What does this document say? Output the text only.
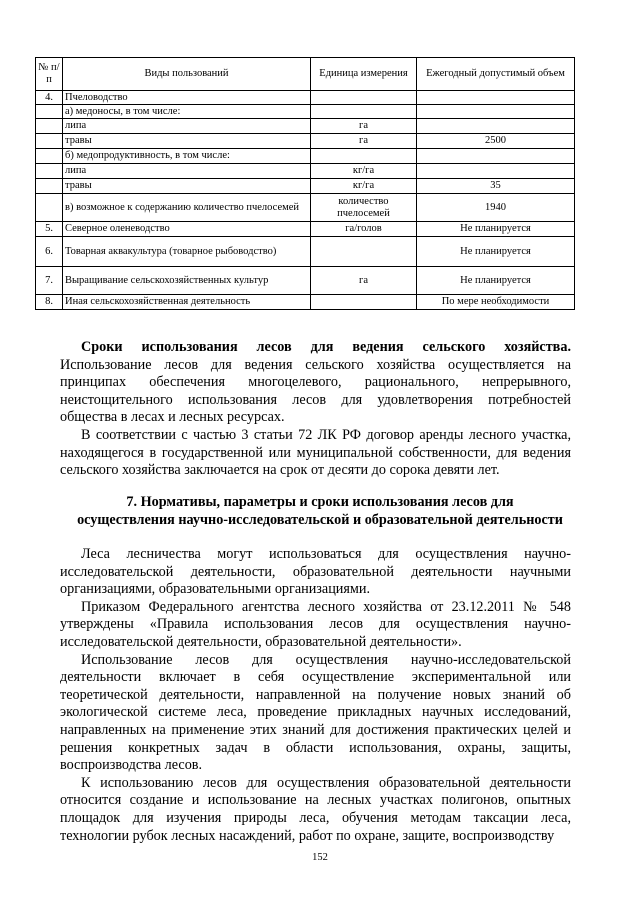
№ п/п	Виды пользований	Единица измерения	Ежегодный допустимый объем
4.	Пчеловодство		
	а) медоносы, в том числе:		
	липа	га	
	травы	га	2500
	б) медопродуктивность, в том числе:		
	липа	кг/га	
	травы	кг/га	35
	в) возможное к содержанию количество пчелосемей	количество пчелосемей	1940
5.	Северное оленеводство	га/голов	Не планируется
6.	Товарная аквакультура (товарное рыбоводство)		Не планируется
7.	Выращивание сельскохозяйственных культур	га	Не планируется
8.	Иная сельскохозяйственная деятельность		По мере необходимости

Сроки использования лесов для ведения сельского хозяйства. Использование лесов для ведения сельского хозяйства осуществляется на принципах обеспечения многоцелевого, рационального, непрерывного, неистощительного использования лесов для удовлетворения потребностей общества в лесах и лесных ресурсах.

В соответствии с частью 3 статьи 72 ЛК РФ договор аренды лесного участка, находящегося в государственной или муниципальной собственности, для ведения сельского хозяйства заключается на срок от десяти до сорока девяти лет.

7. Нормативы, параметры и сроки использования лесов для
осуществления научно-исследовательской и образовательной деятельности

Леса лесничества могут использоваться для осуществления научно-исследовательской деятельности, образовательной деятельности научными организациями, образовательными организациями.

Приказом Федерального агентства лесного хозяйства от 23.12.2011 № 548 утверждены «Правила использования лесов для осуществления научно-исследовательской деятельности, образовательной деятельности».

Использование лесов для осуществления научно-исследовательской деятельности включает в себя осуществление экспериментальной или теоретической деятельности, направленной на получение новых знаний об экологической системе леса, проведение прикладных научных исследований, направленных на применение этих знаний для достижения практических целей и решения конкретных задач в области использования, охраны, защиты, воспроизводства лесов.

К использованию лесов для осуществления образовательной деятельности относится создание и использование на лесных участках полигонов, опытных площадок для изучения природы леса, обучения методам таксации леса, технологии рубок лесных насаждений, работ по охране, защите, воспроизводству

152
